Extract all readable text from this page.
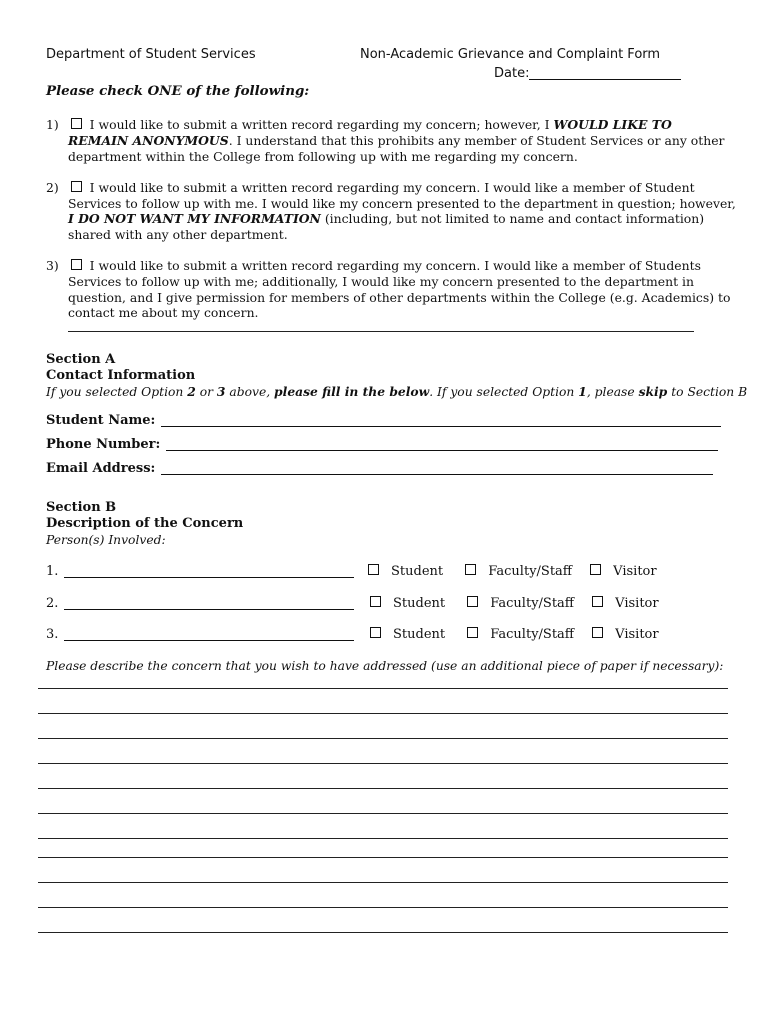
Department of Student Services	Non-Academic Grievance and Complaint Form
Date:
Please check ONE of the following:
1) I would like to submit a written record regarding my concern; however, I WOULD LIKE TO
REMAIN ANONYMOUS. I understand that this prohibits any member of Student Services or any other
department within the College from following up with me regarding my concern.
2) I would like to submit a written record regarding my concern. I would like a member of Student
Services to follow up with me. I would like my concern presented to the department in question; however,
I DO NOT WANT MY INFORMATION (including, but not limited to name and contact information)
shared with any other department.
3) I would like to submit a written record regarding my concern. I would like a member of Students
Services to follow up with me; additionally, I would like my concern presented to the department in
question, and I give permission for members of other departments within the College (e.g. Academics) to
contact me about my concern.
Section A
Contact Information
If you selected Option 2 or 3 above, please fill in the below. If you selected Option 1, please skip to Section B
Student Name:
Phone Number:
Email Address:
Section B
Description of the Concern
Person(s) Involved:
1.	Student	Faculty/Staff	Visitor
2.	Student	Faculty/Staff	Visitor
3.	Student	Faculty/Staff	Visitor
Please describe the concern that you wish to have addressed (use an additional piece of paper if necessary):
